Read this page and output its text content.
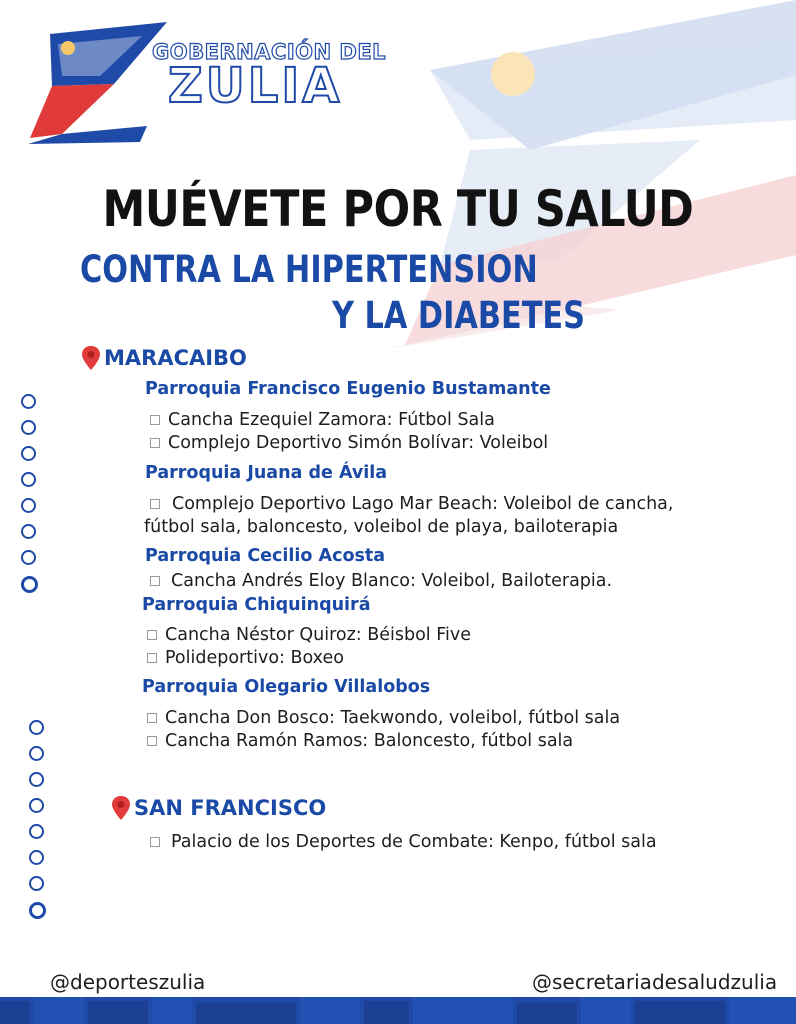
GOBERNACIÓN DEL
ZULIA
MUÉVETE POR TU SALUD
CONTRA LA HIPERTENSION
Y LA DIABETES
MARACAIBO
Parroquia Francisco Eugenio Bustamante
Cancha Ezequiel Zamora: Fútbol Sala
Complejo Deportivo Simón Bolívar: Voleibol
Parroquia Juana de Ávila
Complejo Deportivo Lago Mar Beach: Voleibol de cancha,
fútbol sala, baloncesto, voleibol de playa, bailoterapia
Parroquia Cecilio Acosta
Cancha Andrés Eloy Blanco: Voleibol, Bailoterapia.
Parroquia Chiquinquirá
Cancha Néstor Quiroz: Béisbol Five
Polideportivo: Boxeo
Parroquia Olegario Villalobos
Cancha Don Bosco: Taekwondo, voleibol, fútbol sala
Cancha Ramón Ramos: Baloncesto, fútbol sala
SAN FRANCISCO
Palacio de los Deportes de Combate: Kenpo, fútbol sala
@deporteszulia	@secretariadesaludzulia
